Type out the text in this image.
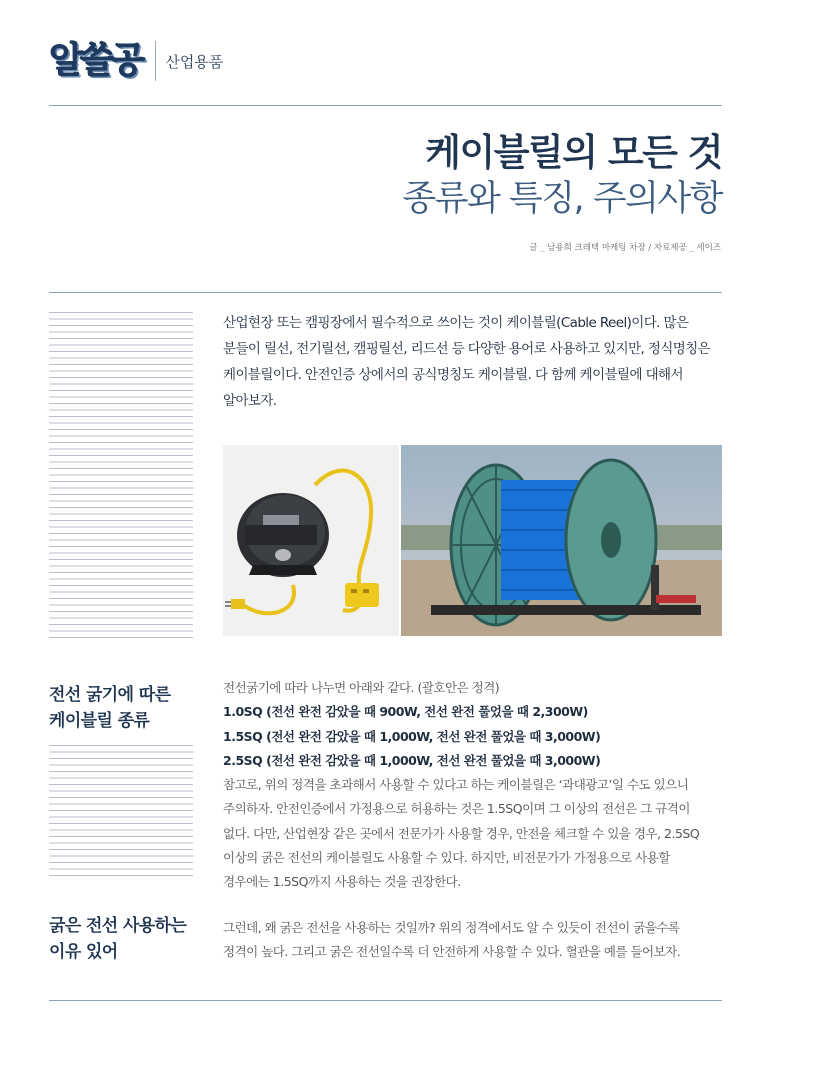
알쓸공 산업용품
케이블릴의 모든 것
종류와 특징, 주의사항
글 _ 남용희 크레텍 마케팅 차장 / 자료제공 _ 세이즈
산업현장 또는 캠핑장에서 필수적으로 쓰이는 것이 케이블릴(Cable Reel)이다. 많은
분들이 릴선, 전기릴선, 캠핑릴선, 리드선 등 다양한 용어로 사용하고 있지만, 정식명칭은
케이블릴이다. 안전인증 상에서의 공식명칭도 케이블릴. 다 함께 케이블릴에 대해서
알아보자.
전선 굵기에 따른
케이블릴 종류
전선굵기에 따라 나누면 아래와 같다. (괄호안은 정격)
1.0SQ (전선 완전 감았을 때 900W, 전선 완전 풀었을 때 2,300W)
1.5SQ (전선 완전 감았을 때 1,000W, 전선 완전 풀었을 때 3,000W)
2.5SQ (전선 완전 감았을 때 1,000W, 전선 완전 풀었을 때 3,000W)
참고로, 위의 정격을 초과해서 사용할 수 있다고 하는 케이블릴은 ‘과대광고’일 수도 있으니
주의하자. 안전인증에서 가정용으로 허용하는 것은 1.5SQ이며 그 이상의 전선은 그 규격이
없다. 다만, 산업현장 같은 곳에서 전문가가 사용할 경우, 안전을 체크할 수 있을 경우, 2.5SQ
이상의 굵은 전선의 케이블릴도 사용할 수 있다. 하지만, 비전문가가 가정용으로 사용할
경우에는 1.5SQ까지 사용하는 것을 권장한다.
굵은 전선 사용하는
이유 있어
그런데, 왜 굵은 전선을 사용하는 것일까? 위의 정격에서도 알 수 있듯이 전선이 굵을수록
정격이 높다. 그리고 굵은 전선일수록 더 안전하게 사용할 수 있다. 혈관을 예를 들어보자.
